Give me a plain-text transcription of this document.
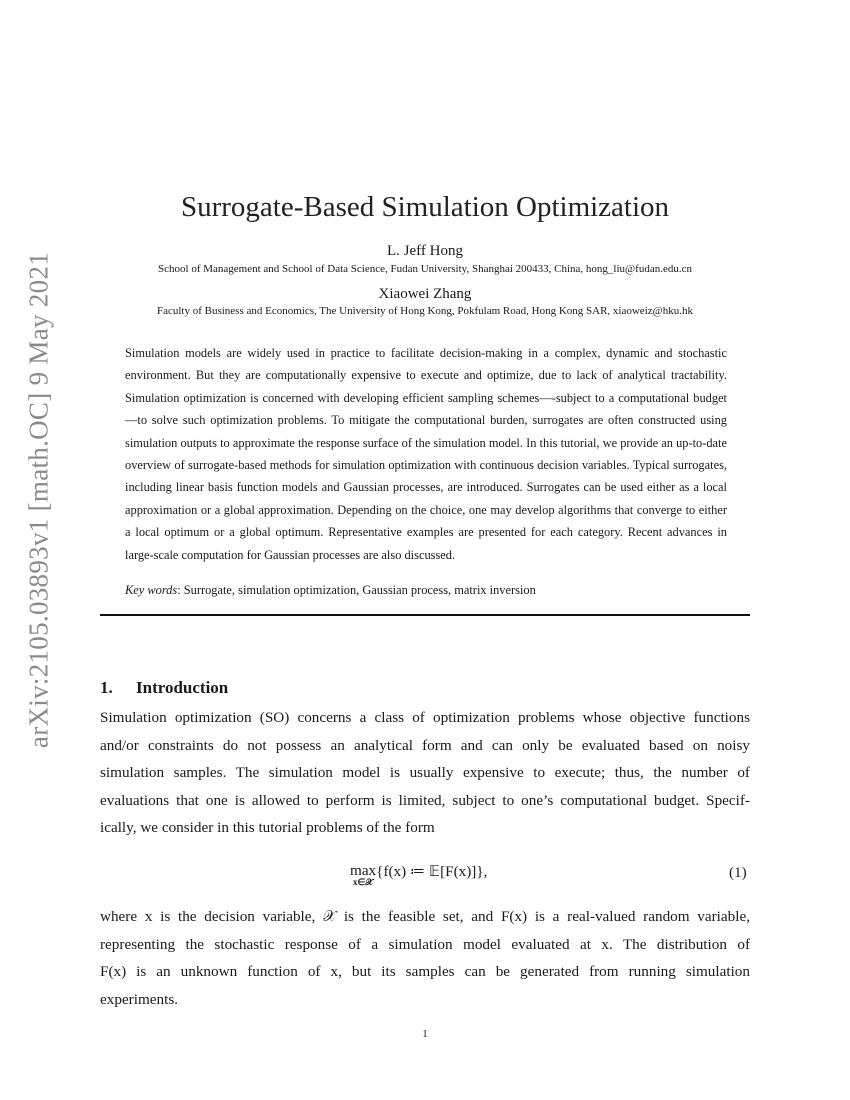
arXiv:2105.03893v1 [math.OC] 9 May 2021
Surrogate-Based Simulation Optimization
L. Jeff Hong
School of Management and School of Data Science, Fudan University, Shanghai 200433, China, hong_liu@fudan.edu.cn
Xiaowei Zhang
Faculty of Business and Economics, The University of Hong Kong, Pokfulam Road, Hong Kong SAR, xiaoweiz@hku.hk
Simulation models are widely used in practice to facilitate decision-making in a complex, dynamic and stochastic environment. But they are computationally expensive to execute and optimize, due to lack of analytical tractability. Simulation optimization is concerned with developing efficient sampling schemes—-subject to a computational budget—to solve such optimization problems. To mitigate the computational burden, surrogates are often constructed using simulation outputs to approximate the response surface of the simulation model. In this tutorial, we provide an up-to-date overview of surrogate-based methods for simulation optimization with continuous decision variables. Typical surrogates, including linear basis function models and Gaussian processes, are introduced. Surrogates can be used either as a local approximation or a global approximation. Depending on the choice, one may develop algorithms that converge to either a local optimum or a global optimum. Representative examples are presented for each category. Recent advances in large-scale computation for Gaussian processes are also discussed.
Key words: Surrogate, simulation optimization, Gaussian process, matrix inversion
1. Introduction
Simulation optimization (SO) concerns a class of optimization problems whose objective functions
and/or constraints do not possess an analytical form and can only be evaluated based on noisy
simulation samples. The simulation model is usually expensive to execute; thus, the number of
evaluations that one is allowed to perform is limited, subject to one’s computational budget. Specif-
ically, we consider in this tutorial problems of the form
max
x∈𝒳
{f(x) ≔ 𝔼[F(x)]},	(1)
where x is the decision variable, 𝒳 is the feasible set, and F(x) is a real-valued random variable,
representing the stochastic response of a simulation model evaluated at x. The distribution of
F(x) is an unknown function of x, but its samples can be generated from running simulation
experiments.
1
